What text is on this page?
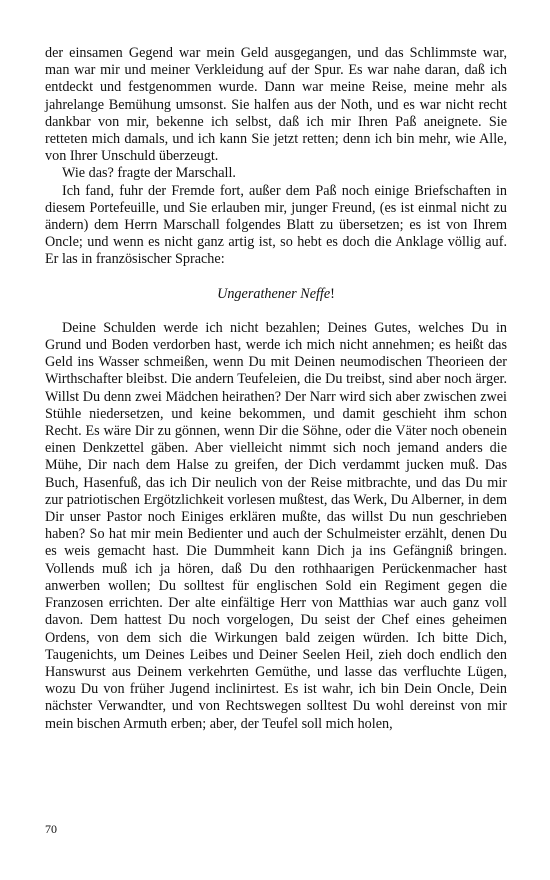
der einsamen Gegend war mein Geld ausgegangen, und das Schlimmste war, man war mir und meiner Verkleidung auf der Spur. Es war nahe daran, daß ich entdeckt und festgenommen wurde. Dann war meine Reise, meine mehr als jahrelange Bemühung umsonst. Sie halfen aus der Noth, und es war nicht recht dankbar von mir, bekenne ich selbst, daß ich mir Ihren Paß aneignete. Sie retteten mich damals, und ich kann Sie jetzt retten; denn ich bin mehr, wie Alle, von Ihrer Unschuld überzeugt.

Wie das? fragte der Marschall.

Ich fand, fuhr der Fremde fort, außer dem Paß noch einige Briefschaften in diesem Portefeuille, und Sie erlauben mir, junger Freund, (es ist einmal nicht zu ändern) dem Herrn Marschall folgendes Blatt zu übersetzen; es ist von Ihrem Oncle; und wenn es nicht ganz artig ist, so hebt es doch die Anklage völlig auf. Er las in französischer Sprache:

Ungerathener Neffe!

Deine Schulden werde ich nicht bezahlen; Deines Gutes, welches Du in Grund und Boden verdorben hast, werde ich mich nicht annehmen; es heißt das Geld ins Wasser schmeißen, wenn Du mit Deinen neumodischen Theorieen der Wirthschafter bleibst. Die andern Teufeleien, die Du treibst, sind aber noch ärger. Willst Du denn zwei Mädchen heirathen? Der Narr wird sich aber zwischen zwei Stühle niedersetzen, und keine bekommen, und damit geschieht ihm schon Recht. Es wäre Dir zu gönnen, wenn Dir die Söhne, oder die Väter noch obenein einen Denkzettel gäben. Aber vielleicht nimmt sich noch jemand anders die Mühe, Dir nach dem Halse zu greifen, der Dich verdammt jucken muß. Das Buch, Hasenfuß, das ich Dir neulich von der Reise mitbrachte, und das Du mir zur patriotischen Ergötzlichkeit vorlesen mußtest, das Werk, Du Alberner, in dem Dir unser Pastor noch Einiges erklären mußte, das willst Du nun geschrieben haben? So hat mir mein Bedienter und auch der Schulmeister erzählt, denen Du es weis gemacht hast. Die Dummheit kann Dich ja ins Gefängniß bringen. Vollends muß ich ja hören, daß Du den rothhaarigen Perückenmacher hast anwerben wollen; Du solltest für englischen Sold ein Regiment gegen die Franzosen errichten. Der alte einfältige Herr von Matthias war auch ganz voll davon. Dem hattest Du noch vorgelogen, Du seist der Chef eines geheimen Ordens, von dem sich die Wirkungen bald zeigen würden. Ich bitte Dich, Taugenichts, um Deines Leibes und Deiner Seelen Heil, zieh doch endlich den Hanswurst aus Deinem verkehrten Gemüthe, und lasse das verfluchte Lügen, wozu Du von früher Jugend inclinirtest. Es ist wahr, ich bin Dein Oncle, Dein nächster Verwandter, und von Rechtswegen solltest Du wohl dereinst von mir mein bischen Armuth erben; aber, der Teufel soll mich holen,

70
